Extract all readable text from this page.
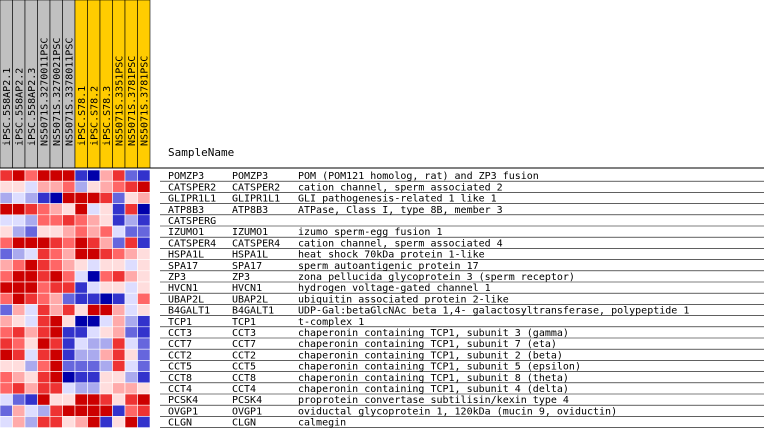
iPSC.558AP2.1 iPSC.558AP2.2 iPSC.558AP2.3 NS5071S.3270011PSC NS5071S.3270021PSC NS5071S.3378011PSC iPSC.S78.1 iPSC.S78.2 iPSC.S78.3 NS5071S.3351PSC NS5071S.3781PSC NS5071S.3781PSC
SampleName
POMZP3	POMZP3	POM (POM121 homolog, rat) and ZP3 fusion
CATSPER2 CATSPER2 cation channel, sperm associated 2
GLIPR1L1 GLIPR1L1 GLI pathogenesis-related 1 like 1
ATP8B3	ATP8B3	ATPase, Class I, type 8B, member 3
CATSPERG
IZUMO1	IZUMO1	izumo sperm-egg fusion 1
CATSPER4 CATSPER4 cation channel, sperm associated 4
HSPA1L	HSPA1L	heat shock 70kDa protein 1-like
SPA17	SPA17	sperm autoantigenic protein 17
ZP3	ZP3	zona pellucida glycoprotein 3 (sperm receptor)
HVCN1	HVCN1	hydrogen voltage-gated channel 1
UBAP2L	UBAP2L	ubiquitin associated protein 2-like
B4GALT1 B4GALT1 UDP-Gal:betaGlcNAc beta 1,4- galactosyltransferase, polypeptide 1
TCP1	TCP1	t-complex 1
CCT3	CCT3	chaperonin containing TCP1, subunit 3 (gamma)
CCT7	CCT7	chaperonin containing TCP1, subunit 7 (eta)
CCT2	CCT2	chaperonin containing TCP1, subunit 2 (beta)
CCT5	CCT5	chaperonin containing TCP1, subunit 5 (epsilon)
CCT8	CCT8	chaperonin containing TCP1, subunit 8 (theta)
CCT4	CCT4	chaperonin containing TCP1, subunit 4 (delta)
PCSK4	PCSK4	proprotein convertase subtilisin/kexin type 4
OVGP1	OVGP1	oviductal glycoprotein 1, 120kDa (mucin 9, oviductin)
CLGN	CLGN	calmegin
